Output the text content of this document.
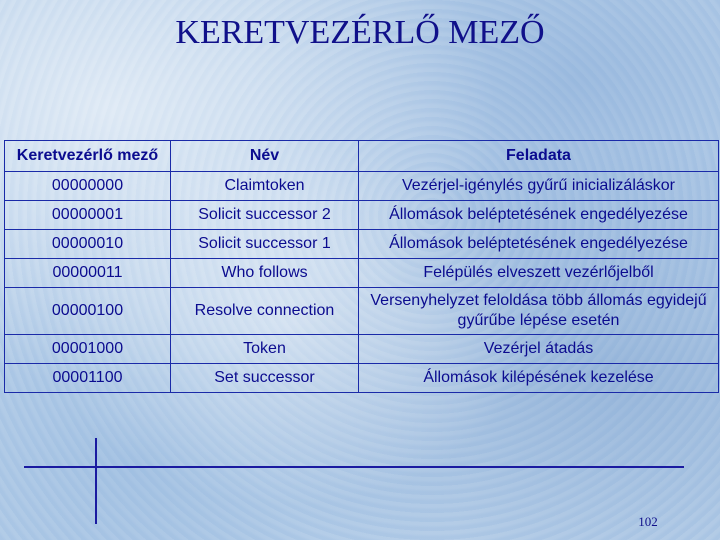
KERETVEZÉRLŐ MEZŐ
Keretvezérlő mező	Név	Feladata
00000000	Claimtoken	Vezérjel-igénylés gyűrű inicializáláskor
00000001	Solicit successor 2	Állomások beléptetésének engedélyezése
00000010	Solicit successor 1	Állomások beléptetésének engedélyezése
00000011	Who follows	Felépülés elveszett vezérlőjelből
00000100	Resolve connection	Versenyhelyzet feloldása több állomás egyidejű gyűrűbe lépése esetén
00001000	Token	Vezérjel átadás
00001100	Set successor	Állomások kilépésének kezelése
102
